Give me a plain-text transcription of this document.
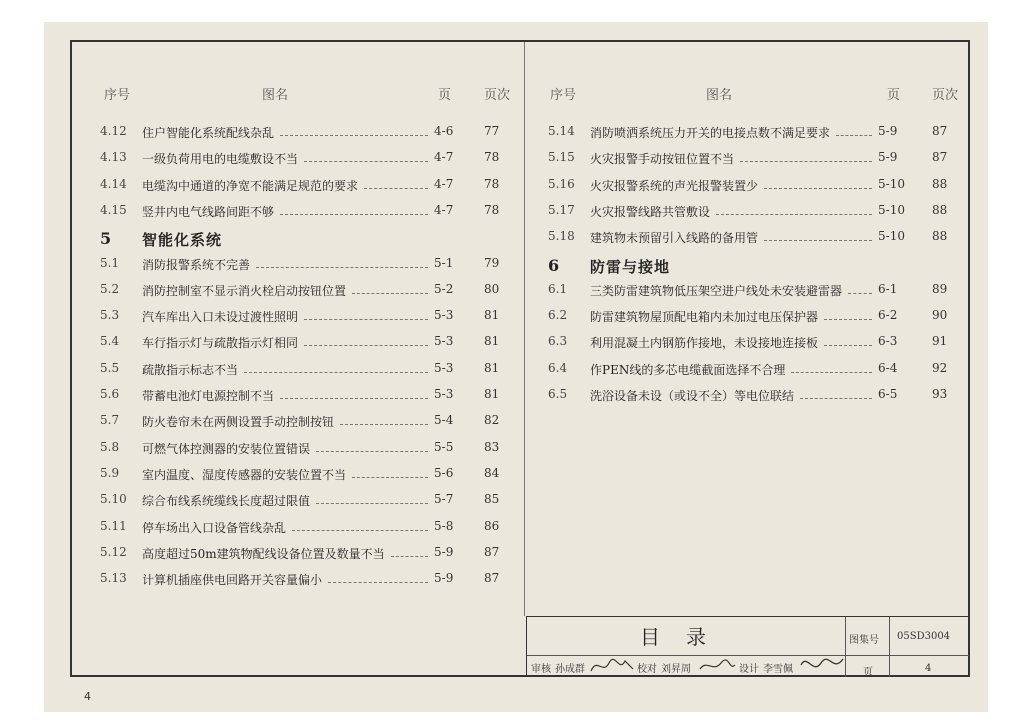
序号	图名	页	页次	序号	图名	页 页次
4.12	住户智能化系统配线杂乱	4-6	77
4.13	一级负荷用电的电缆敷设不当	4-7	78
4.14	电缆沟中通道的净宽不能满足规范的要求	4-7	78
4.15	竖井内电气线路间距不够	4-7	78
5	智能化系统
5.1	消防报警系统不完善	5-1	79
5.2	消防控制室不显示消火栓启动按钮位置	5-2	80
5.3	汽车库出入口未设过渡性照明	5-3	81
5.4	车行指示灯与疏散指示灯相同	5-3	81
5.5	疏散指示标志不当	5-3	81
5.6	带蓄电池灯电源控制不当	5-3	81
5.7	防火卷帘未在两侧设置手动控制按钮	5-4	82
5.8	可燃气体控测器的安装位置错误	5-5	83
5.9	室内温度、湿度传感器的安装位置不当	5-6	84
5.10	综合布线系统缆线长度超过限值	5-7	85
5.11	停车场出入口设备管线杂乱	5-8	86
5.12	高度超过50m建筑物配线设备位置及数量不当	5-9	87
5.13	计算机插座供电回路开关容量偏小	5-9	87
5.14	消防喷洒系统压力开关的电接点数不满足要求	5-9	87
5.15	火灾报警手动按钮位置不当	5-9	87
5.16	火灾报警系统的声光报警装置少	5-10 88
5.17	火灾报警线路共管敷设	5-10 88
5.18	建筑物未预留引入线路的备用管	5-10 88
6	防雷与接地
6.1	三类防雷建筑物低压架空进户线处未安装避雷器	6-1	89
6.2	防雷建筑物屋顶配电箱内未加过电压保护器	6-2	90
6.3	利用混凝土内钢筋作接地，未设接地连接板	6-3	91
6.4	作PEN线的多芯电缆截面选择不合理	6-4	92
6.5	洗浴设备未设（或设不全）等电位联结	6-5	93
目录	图集号 05SD3004
页	4
审核 孙成群	校对 刘昇周	设计 李雪佩
4
